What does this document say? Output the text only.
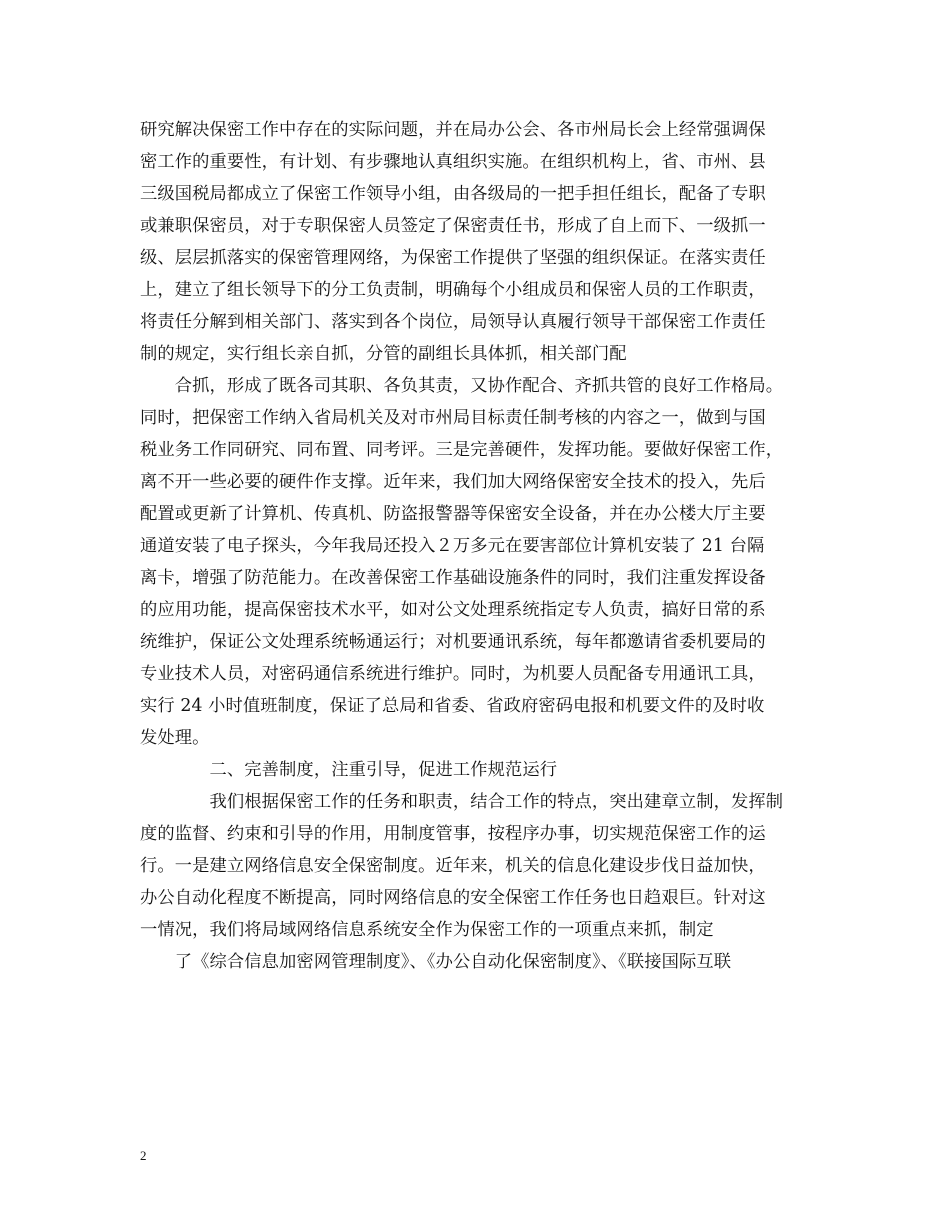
研究解决保密工作中存在的实际问题，并在局办公会、各市州局长会上经常强调保

密工作的重要性，有计划、有步骤地认真组织实施。在组织机构上，省、市州、县

三级国税局都成立了保密工作领导小组，由各级局的一把手担任组长，配备了专职

或兼职保密员，对于专职保密人员签定了保密责任书，形成了自上而下、一级抓一

级、层层抓落实的保密管理网络，为保密工作提供了坚强的组织保证。在落实责任

上，建立了组长领导下的分工负责制，明确每个小组成员和保密人员的工作职责，

将责任分解到相关部门、落实到各个岗位，局领导认真履行领导干部保密工作责任

制的规定，实行组长亲自抓，分管的副组长具体抓，相关部门配

　　合抓，形成了既各司其职、各负其责，又协作配合、齐抓共管的良好工作格局。

同时，把保密工作纳入省局机关及对市州局目标责任制考核的内容之一，做到与国

税业务工作同研究、同布置、同考评。三是完善硬件，发挥功能。要做好保密工作，

离不开一些必要的硬件作支撑。近年来，我们加大网络保密安全技术的投入，先后

配置或更新了计算机、传真机、防盗报警器等保密安全设备，并在办公楼大厅主要

通道安装了电子探头，今年我局还投入２万多元在要害部位计算机安装了 21 台隔

离卡，增强了防范能力。在改善保密工作基础设施条件的同时，我们注重发挥设备

的应用功能，提高保密技术水平，如对公文处理系统指定专人负责，搞好日常的系

统维护，保证公文处理系统畅通运行；对机要通讯系统，每年都邀请省委机要局的

专业技术人员，对密码通信系统进行维护。同时，为机要人员配备专用通讯工具，

实行 24 小时值班制度，保证了总局和省委、省政府密码电报和机要文件的及时收

发处理。

　　　　二、完善制度，注重引导，促进工作规范运行

　　　　我们根据保密工作的任务和职责，结合工作的特点，突出建章立制，发挥制

度的监督、约束和引导的作用，用制度管事，按程序办事，切实规范保密工作的运

行。一是建立网络信息安全保密制度。近年来，机关的信息化建设步伐日益加快，

办公自动化程度不断提高，同时网络信息的安全保密工作任务也日趋艰巨。针对这

一情况，我们将局域网络信息系统安全作为保密工作的一项重点来抓，制定

　　了《综合信息加密网管理制度》、《办公自动化保密制度》、《联接国际互联

2
